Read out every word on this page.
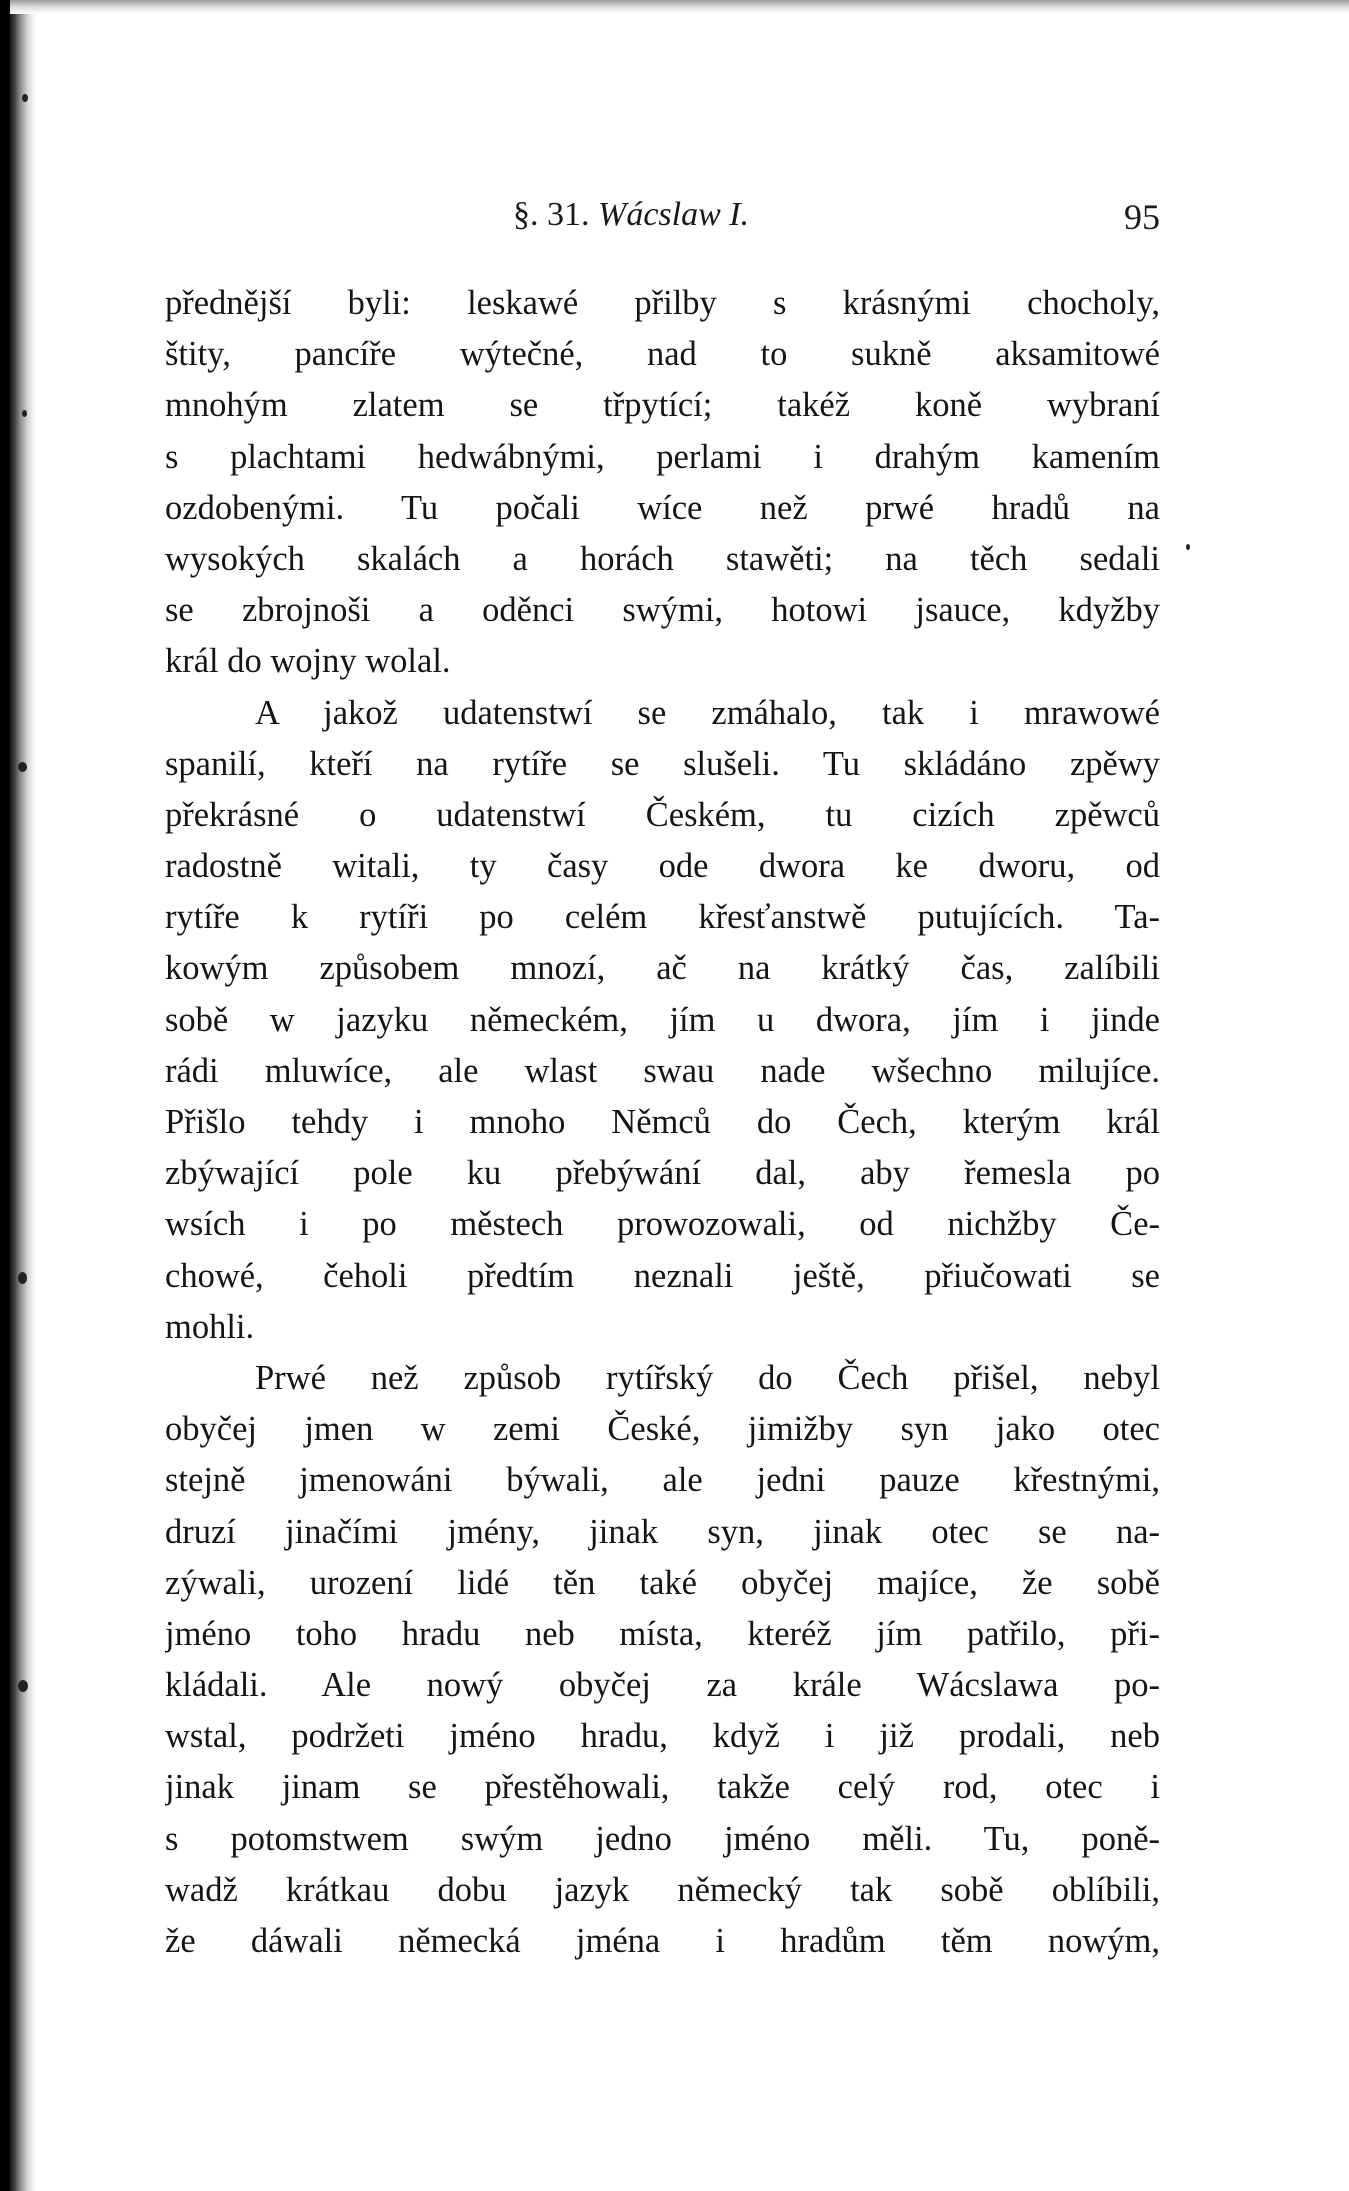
§. 31. Wácslaw I.	95
přednější byli: leskawé přilby s krásnými chocholy,
štity, pancíře wýtečné, nad to sukně aksamitowé
mnohým zlatem se třpytící; takéž koně wybraní
s plachtami hedwábnými, perlami i drahým kamením
ozdobenými. Tu počali wíce než prwé hradů na
wysokých skalách a horách stawěti; na těch sedali
se zbrojnoši a oděnci swými, hotowi jsauce, kdyžby
král do wojny wolal.
A jakož udatenstwí se zmáhalo, tak i mrawowé
spanilí, kteří na rytíře se slušeli. Tu skládáno zpěwy
překrásné o udatenstwí Českém, tu cizích zpěwců
radostně witali, ty časy ode dwora ke dworu, od
rytíře k rytíři po celém křesťanstwě putujících. Ta-
kowým způsobem mnozí, ač na krátký čas, zalíbili
sobě w jazyku německém, jím u dwora, jím i jinde
rádi mluwíce, ale wlast swau nade wšechno milujíce.
Přišlo tehdy i mnoho Němců do Čech, kterým král
zbýwající pole ku přebýwání dal, aby řemesla po
wsích i po městech prowozowali, od nichžby Če-
chowé, čeholi předtím neznali ještě, přiučowati se
mohli.
Prwé než způsob rytířský do Čech přišel, nebyl
obyčej jmen w zemi České, jimižby syn jako otec
stejně jmenowáni býwali, ale jedni pauze křestnými,
druzí jinačími jmény, jinak syn, jinak otec se na-
zýwali, urození lidé těn také obyčej majíce, že sobě
jméno toho hradu neb místa, kteréž jím patřilo, při-
kládali. Ale nowý obyčej za krále Wácslawa po-
wstal, podržeti jméno hradu, když i již prodali, neb
jinak jinam se přestěhowali, takže celý rod, otec i
s potomstwem swým jedno jméno měli. Tu, poně-
wadž krátkau dobu jazyk německý tak sobě oblíbili,
že dáwali německá jména i hradům těm nowým,
